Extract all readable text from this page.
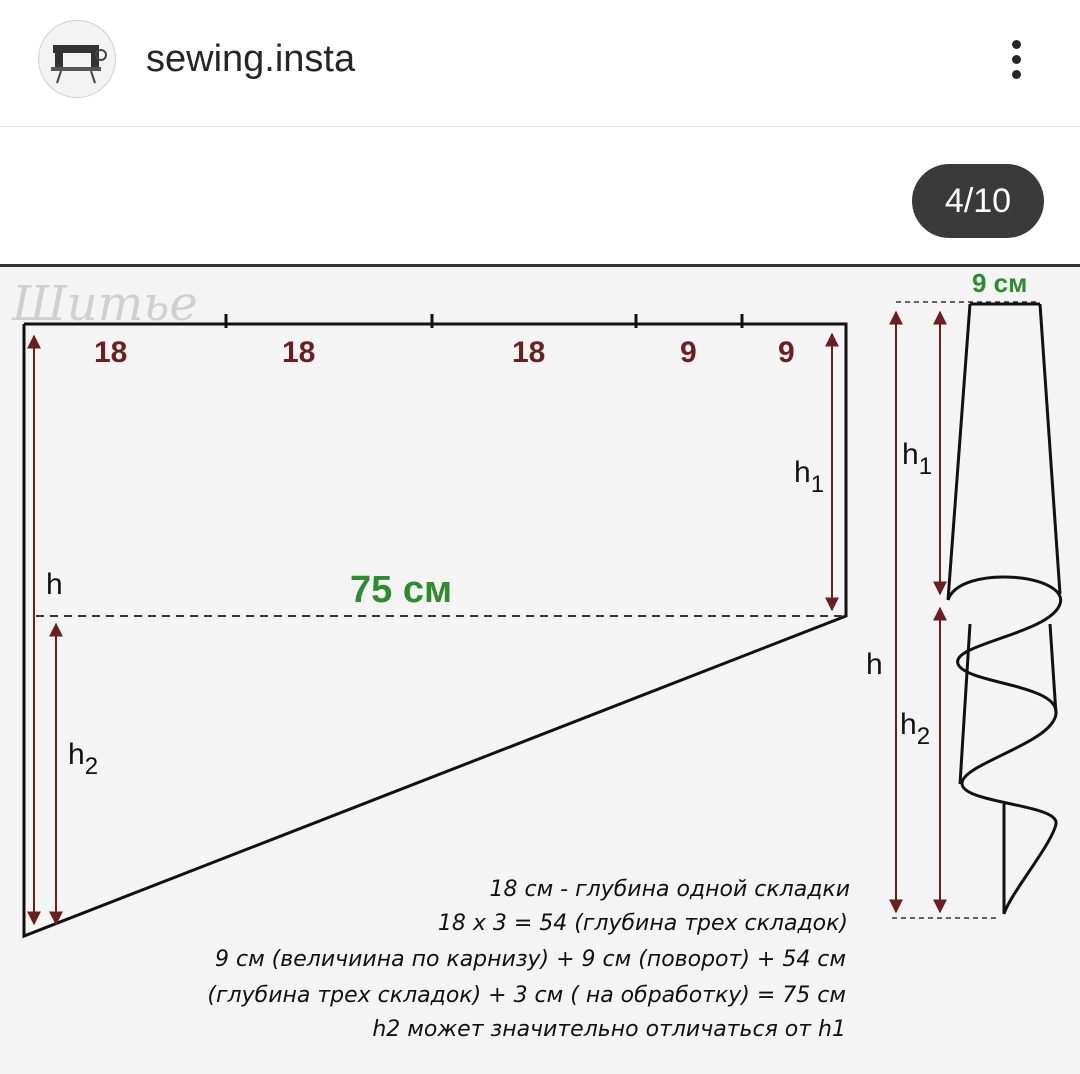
sewing.insta
4/10
Шитье
18	18	18	9	9
h
$h_2$
$h_1$
75 см
9 см
$h_1$
h
$h_2$
18 см - глубина одной складки
18 х 3 = 54 (глубина трех складок)
9 см (величиина по карнизу) + 9 см (поворот) + 54 см
(глубина трех складок) + 3 см ( на обработку) = 75 см
h2 может значительно отличаться от h1
